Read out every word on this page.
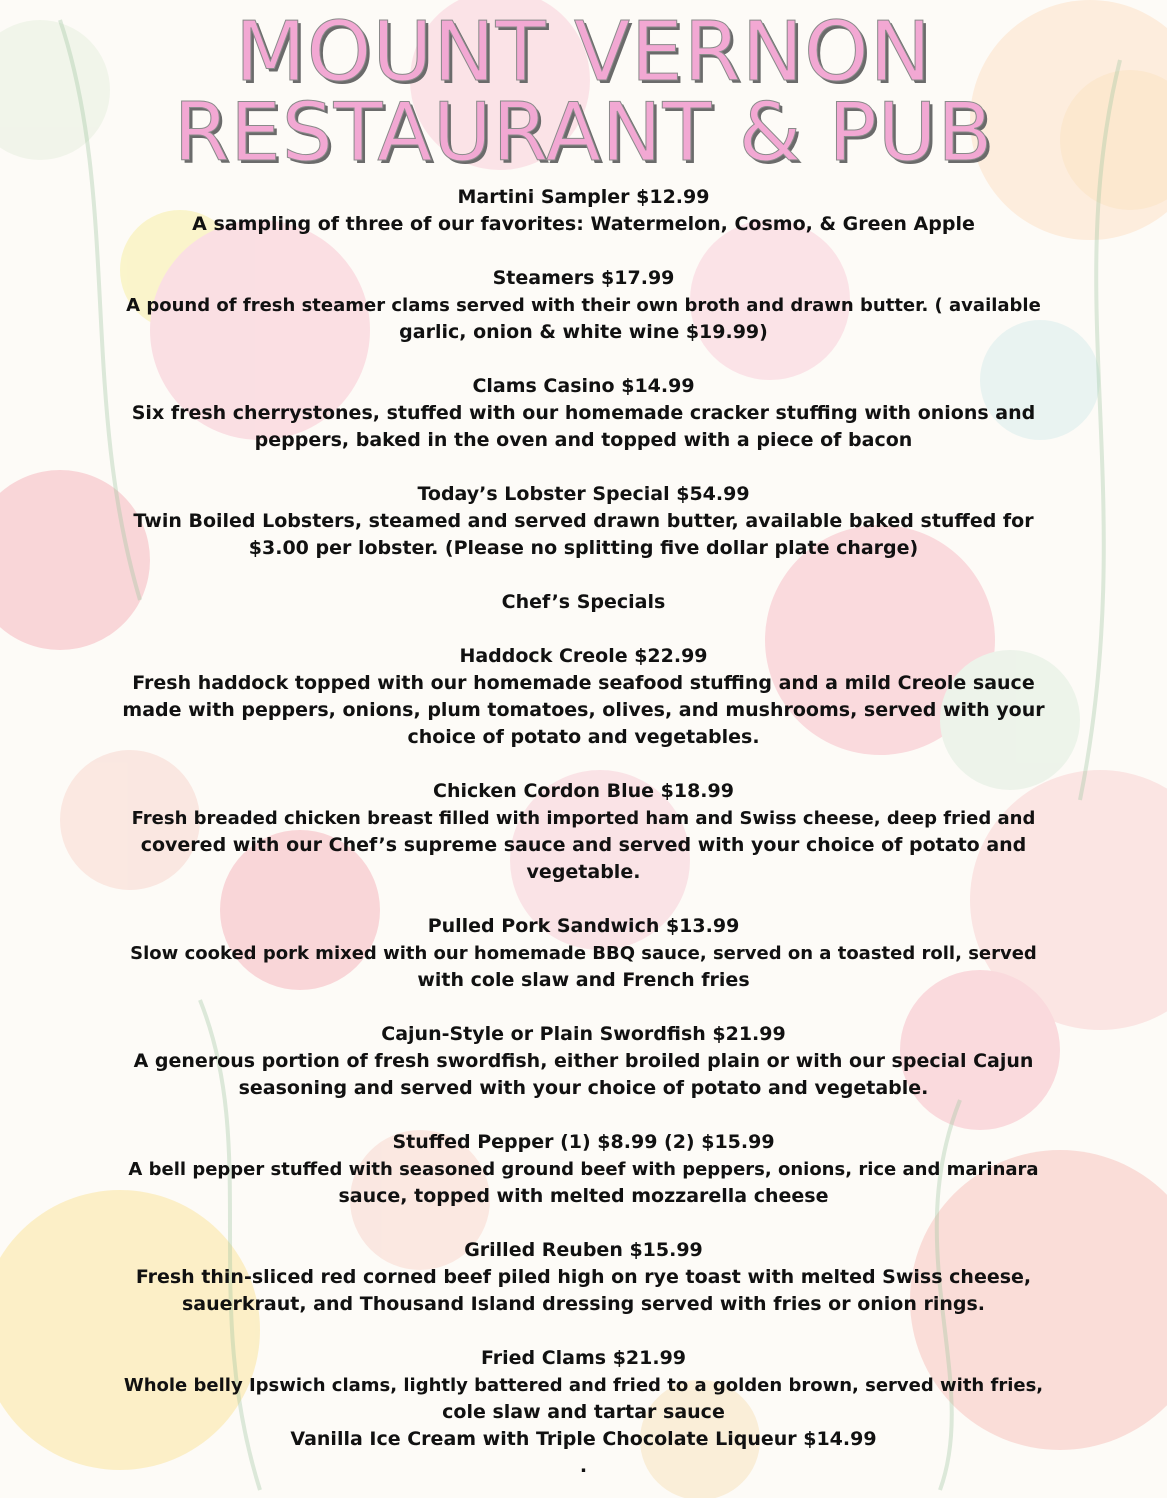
MOUNT VERNON
RESTAURANT & PUB
Martini Sampler $12.99
A sampling of three of our favorites: Watermelon, Cosmo, & Green Apple
Steamers $17.99
A pound of fresh steamer clams served with their own broth and drawn butter. ( available
garlic, onion & white wine $19.99)
Clams Casino $14.99
Six fresh cherrystones, stuffed with our homemade cracker stuffing with onions and
peppers, baked in the oven and topped with a piece of bacon
Today’s Lobster Special $54.99
Twin Boiled Lobsters, steamed and served drawn butter, available baked stuffed for
$3.00 per lobster. (Please no splitting five dollar plate charge)
Chef’s Specials
Haddock Creole $22.99
Fresh haddock topped with our homemade seafood stuffing and a mild Creole sauce
made with peppers, onions, plum tomatoes, olives, and mushrooms, served with your
choice of potato and vegetables.
Chicken Cordon Blue $18.99
Fresh breaded chicken breast filled with imported ham and Swiss cheese, deep fried and
covered with our Chef’s supreme sauce and served with your choice of potato and
vegetable.
Pulled Pork Sandwich $13.99
Slow cooked pork mixed with our homemade BBQ sauce, served on a toasted roll, served
with cole slaw and French fries
Cajun-Style or Plain Swordfish $21.99
A generous portion of fresh swordfish, either broiled plain or with our special Cajun
seasoning and served with your choice of potato and vegetable.
Stuffed Pepper (1) $8.99 (2) $15.99
A bell pepper stuffed with seasoned ground beef with peppers, onions, rice and marinara
sauce, topped with melted mozzarella cheese
Grilled Reuben $15.99
Fresh thin-sliced red corned beef piled high on rye toast with melted Swiss cheese,
sauerkraut, and Thousand Island dressing served with fries or onion rings.
Fried Clams $21.99
Whole belly Ipswich clams, lightly battered and fried to a golden brown, served with fries,
cole slaw and tartar sauce
Vanilla Ice Cream with Triple Chocolate Liqueur $14.99
.
